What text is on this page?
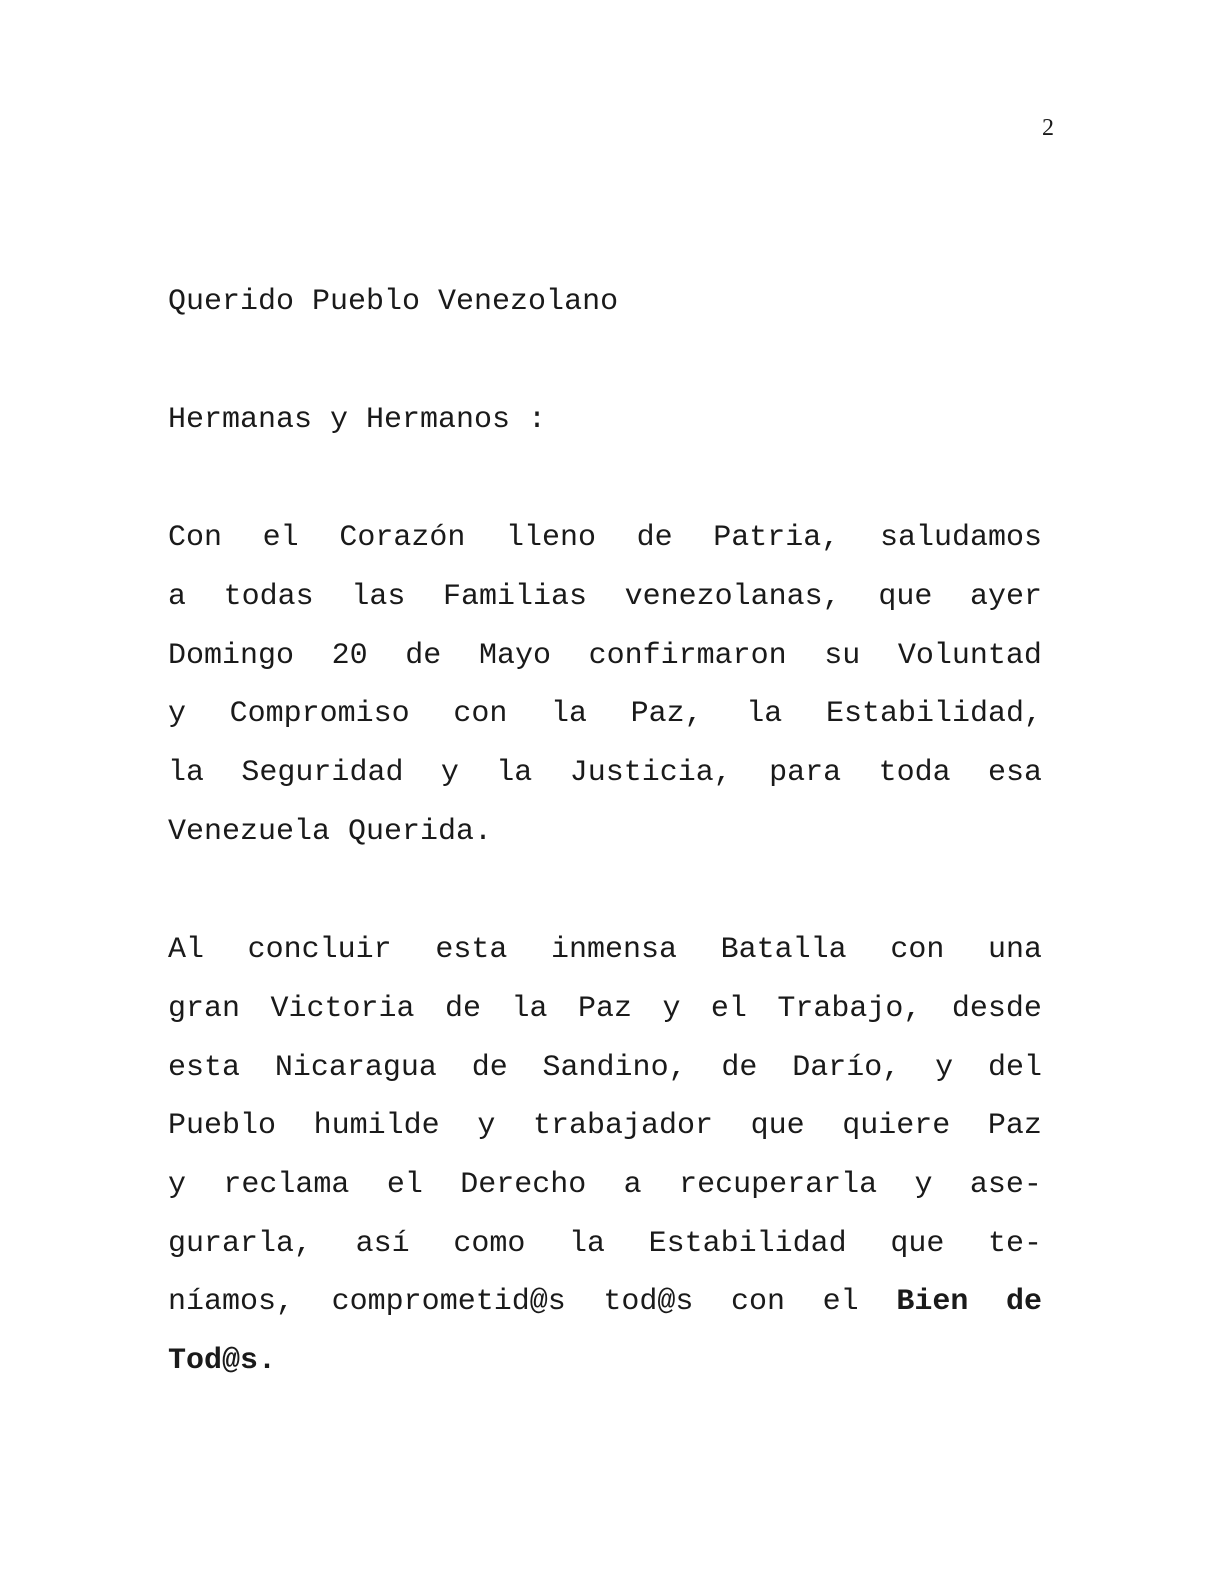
2
Querido Pueblo Venezolano
Hermanas y Hermanos :
Con el Corazón lleno de Patria, saludamos
a todas las Familias venezolanas, que ayer
Domingo 20 de Mayo confirmaron su Voluntad
y Compromiso con la Paz, la Estabilidad,
la Seguridad y la Justicia, para toda esa
Venezuela Querida.
Al concluir esta inmensa Batalla con una
gran Victoria de la Paz y el Trabajo, desde
esta Nicaragua de Sandino, de Darío, y del
Pueblo humilde y trabajador que quiere Paz
y reclama el Derecho a recuperarla y ase-
gurarla, así como la Estabilidad que te-
níamos, comprometid@s tod@s con el Bien de
Tod@s.
